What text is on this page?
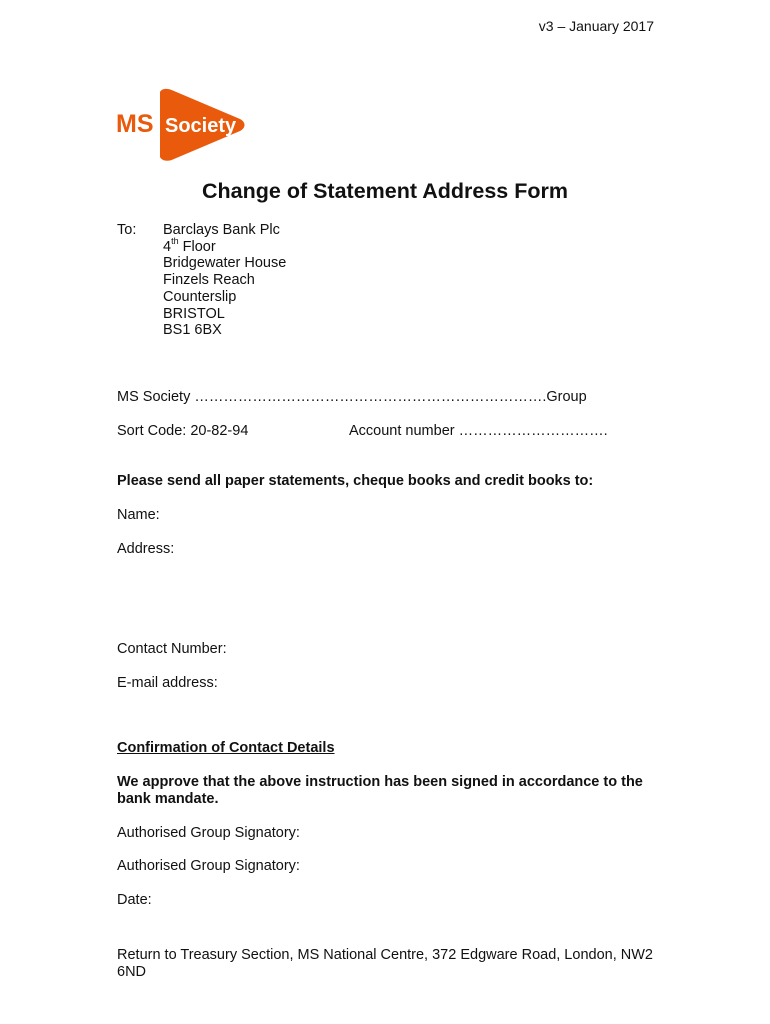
v3 – January 2017
MS Society
Change of Statement Address Form
To: Barclays Bank Plc
4th Floor
Bridgewater House
Finzels Reach
Counterslip
BRISTOL
BS1 6BX
MS Society ……………………………………………………………….Group
Sort Code: 20-82-94	Account number ………………………….
Please send all paper statements, cheque books and credit books to:
Name:
Address:
Contact Number:
E-mail address:
Confirmation of Contact Details
We approve that the above instruction has been signed in accordance to the bank mandate.
Authorised Group Signatory:
Authorised Group Signatory:
Date:
Return to Treasury Section, MS National Centre, 372 Edgware Road, London, NW2 6ND
